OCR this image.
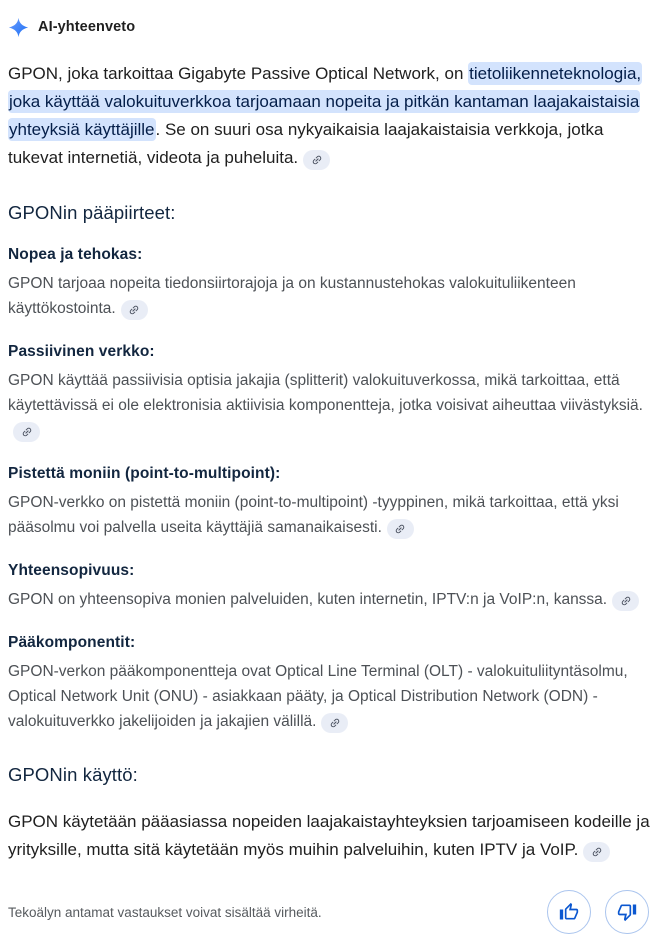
AI-yhteenveto

GPON, joka tarkoittaa Gigabyte Passive Optical Network, on tietoliikenneteknologia, joka käyttää valokuituverkkoa tarjoamaan nopeita ja pitkän kantaman laajakaistaisia yhteyksiä käyttäjille. Se on suuri osa nykyaikaisia laajakaistaisia verkkoja, jotka tukevat internetiä, videota ja puheluita.

GPONin pääpiirteet:
Nopea ja tehokas:

GPON tarjoaa nopeita tiedonsiirtorajoja ja on kustannustehokas valokuituliikenteen käyttökostointa.

Passiivinen verkko:

GPON käyttää passiivisia optisia jakajia (splitterit) valokuituverkossa, mikä tarkoittaa, että käytettävissä ei ole elektronisia aktiivisia komponentteja, jotka voisivat aiheuttaa viivästyksiä.

Pistettä moniin (point-to-multipoint):

GPON-verkko on pistettä moniin (point-to-multipoint) -tyyppinen, mikä tarkoittaa, että yksi pääsolmu voi palvella useita käyttäjiä samanaikaisesti.

Yhteensopivuus:

GPON on yhteensopiva monien palveluiden, kuten internetin, IPTV:n ja VoIP:n, kanssa.

Pääkomponentit:

GPON-verkon pääkomponentteja ovat Optical Line Terminal (OLT) - valokuituliityntäsolmu, Optical Network Unit (ONU) - asiakkaan pääty, ja Optical Distribution Network (ODN) - valokuituverkko jakelijoiden ja jakajien välillä.

GPONin käyttö:

GPON käytetään pääasiassa nopeiden laajakaistayhteyksien tarjoamiseen kodeille ja yrityksille, mutta sitä käytetään myös muihin palveluihin, kuten IPTV ja VoIP.

Tekoälyn antamat vastaukset voivat sisältää virheitä.
